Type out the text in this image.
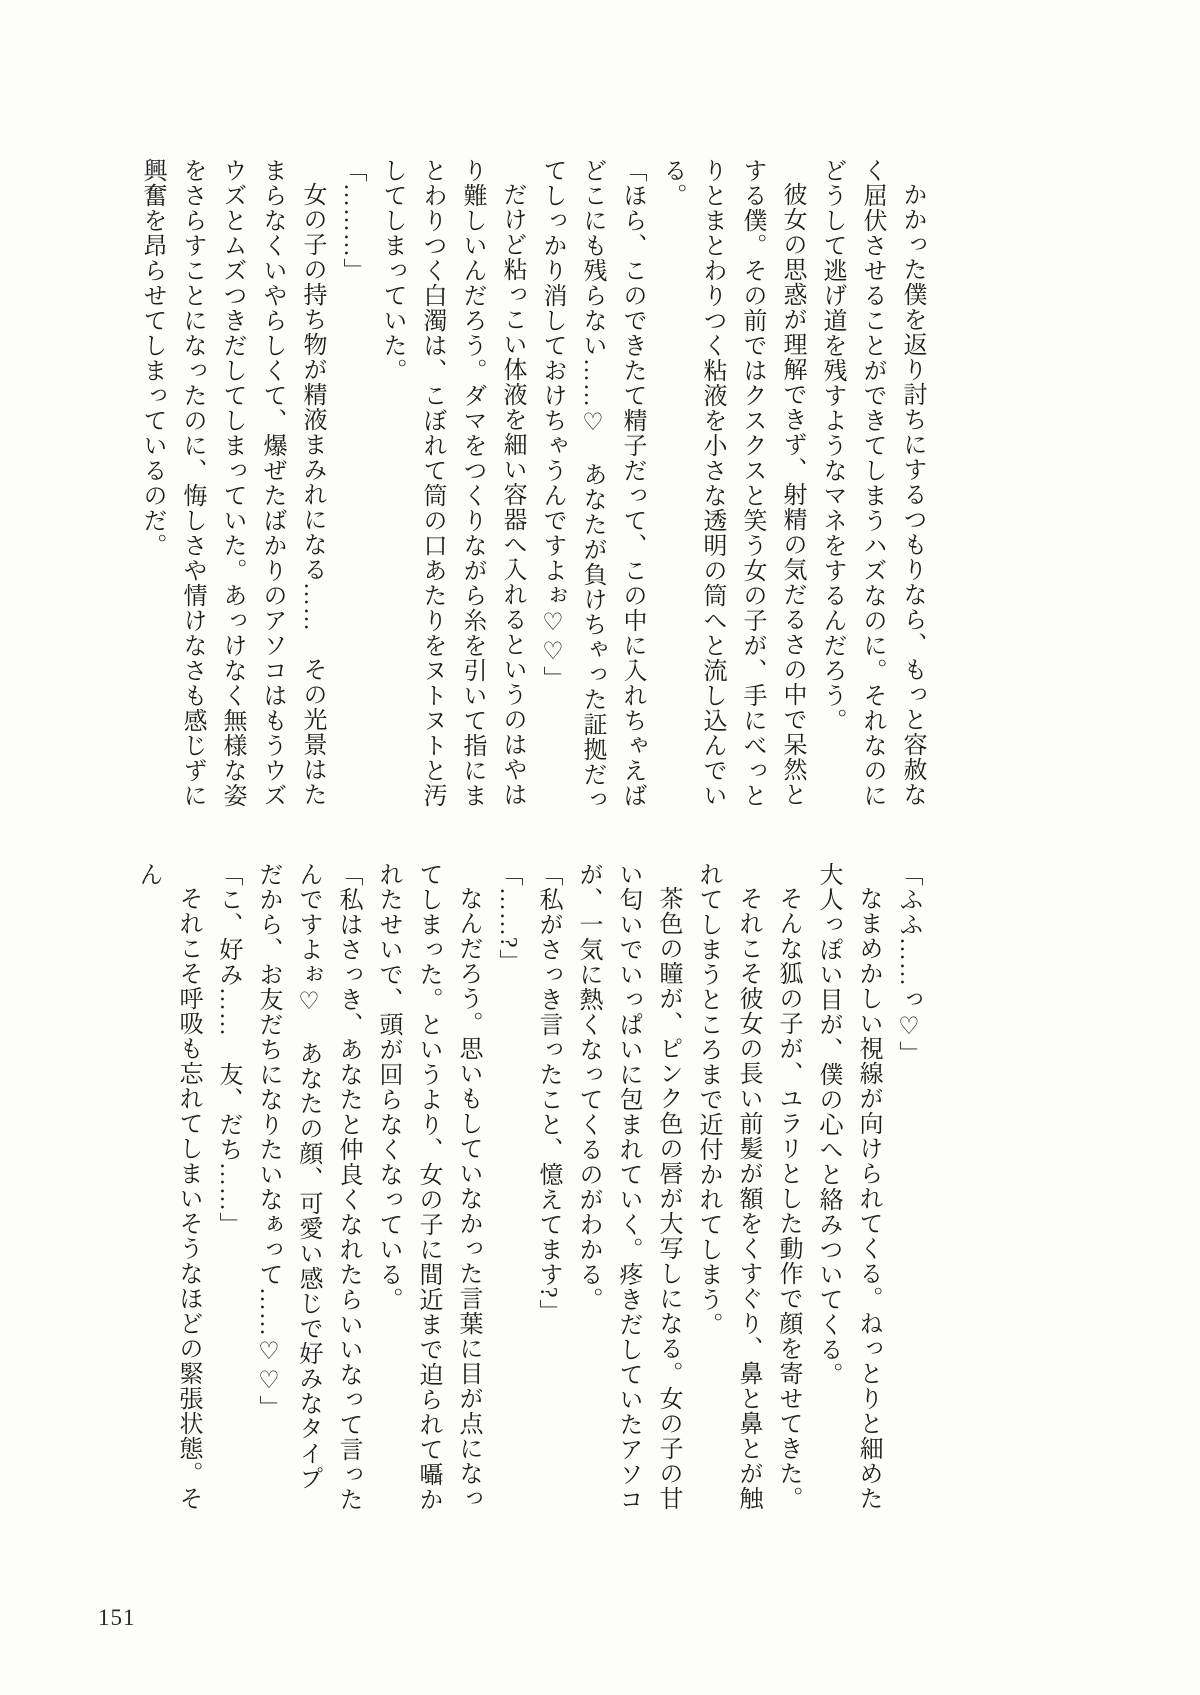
かかった僕を返り討ちにするつもりなら、もっと容赦なく屈伏させることができてしまうハズなのに。それなのにどうして逃げ道を残すようなマネをするんだろう。

彼女の思惑が理解できず、射精の気だるさの中で呆然とする僕。その前ではクスクスと笑う女の子が、手にべっとりとまとわりつく粘液を小さな透明の筒へと流し込んでいる。

「ほら、このできたて精子だって、この中に入れちゃえばどこにも残らない……♡　あなたが負けちゃった証拠だってしっかり消しておけちゃうんですよぉ♡♡」

だけど粘っこい体液を細い容器へ入れるというのはやはり難しいんだろう。ダマをつくりながら糸を引いて指にまとわりつく白濁は、こぼれて筒の口あたりをヌトヌトと汚してしまっていた。

「………」

女の子の持ち物が精液まみれになる……　その光景はたまらなくいやらしくて、爆ぜたばかりのアソコはもうウズウズとムズつきだしてしまっていた。あっけなく無様な姿をさらすことになったのに、悔しさや情けなさも感じずに興奮を昂らせてしまっているのだ。

「ふふ……っ♡」

なまめかしい視線が向けられてくる。ねっとりと細めた大人っぽい目が、僕の心へと絡みついてくる。

そんな狐の子が、ユラリとした動作で顔を寄せてきた。

それこそ彼女の長い前髪が額をくすぐり、鼻と鼻とが触れてしまうところまで近付かれてしまう。

茶色の瞳が、ピンク色の唇が大写しになる。女の子の甘い匂いでいっぱいに包まれていく。疼きだしていたアソコが、一気に熱くなってくるのがわかる。

「私がさっき言ったこと、憶えてます?」

「……?」

なんだろう。思いもしていなかった言葉に目が点になってしまった。というより、女の子に間近まで迫られて囁かれたせいで、頭が回らなくなっている。

「私はさっき、あなたと仲良くなれたらいいなって言ったんですよぉ♡　あなたの顔、可愛い感じで好みなタイプだから、お友だちになりたいなぁって……♡♡」

「こ、好み……　友、だち……」

それこそ呼吸も忘れてしまいそうなほどの緊張状態。そん

151
